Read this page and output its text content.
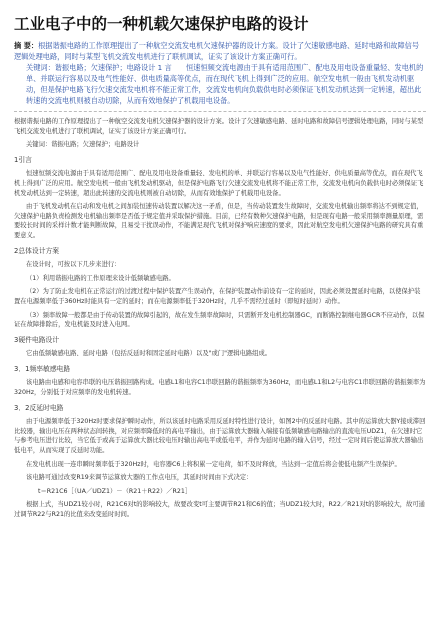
工业电子中的一种机载欠速保护电路的设计

摘 要：根据谐振电路的工作原理提出了一种航空交流发电机欠速保护器的设计方案。设计了欠速敏感电路、延时电路和故障信号逻辑处理电路，同时与某型飞机交流发电机进行了联机调试，证实了该设计方案正确可行。

关键词：谐振电路；欠速保护；电路设计 1 言　　恒速恒频交流电源由于具有适用范围广、配电及用电设备重量轻、发电机的单、并联运行容易以及电气性能好、供电质量高等优点，而在现代飞机上得到广泛的应用。航空发电机一般由飞机发动机驱动，但是保护电路飞行欠速交流发电机将不能正常工作，交流发电机向负载供电时必须保证飞机发动机达到一定转速，超出此转速的交流电机则被自动切除，从而有效地保护了机载用电设备。

根据谐振电路的工作原理提出了一种航空交流发电机欠速保护器的设计方案。设计了欠速敏感电路、延时电路和故障信号逻辑处理电路，同时与某型飞机交流发电机进行了联机调试，证实了该设计方案正确可行。

关键词：谐振电路；欠速保护；电路设计

1引言

恒速恒频交流电源由于具有适用范围广、配电及用电设备重量轻、发电机的单、并联运行容易以及电气性能好、供电质量高等优点，而在现代飞机上得到广泛的应用。航空发电机一般由飞机发动机驱动，但是保护电路飞行欠速交流发电机将不能正常工作，交流发电机向负载供电时必须保证飞机发动机达到一定转速，超出此转速的交流电机则被自动切除，从而有效地保护了机载用电设备。

由于飞机发动机在启动和发电机之间加装恒速传动装置以解决这一矛盾，但是，当传动装置发生故障时，交流发电机输出频率将达不到规定值，欠速保护电路负责检测发电机输出频率是否低于规定值并采取保护措施。目前，已经有数种欠速保护电路，但是现有电路一般采用频率测量原理，需要较长时间的采样计数才能判断故障，且易受干扰误动作，不能满足现代飞机对保护响应速度的要求，因此对航空发电机欠速保护电路的研究具有重要意义。

2总体设计方案

在设计时，可按以下几步来进行：

（1）利用谐振电路的工作原理来设计低频敏感电路。

（2）为了防止发电机在正常运行的过渡过程中保护装置产生误动作，在保护装置动作前设有一定的延时，因此必须设置延时电路，以使保护装置在电源频率低于360Hz时能具有一定的延时；而在电源频率低于320Hz时，几乎不需经过延时（即短时延时）动作。

（3）频率故障一般都是由于传动装置的故障引起的，故在发生频率故障时，只需断开发电机控制器GC，而断路控制继电器GCR不应动作，以保证在故障排除后，发电机能及时进入电网。

3硬件电路设计

它由低频敏感电路、延时电路（包括反延时和固定延时电路）以及"或门"逻辑电路组成。

3．1频率敏感电路

该电路由电感和电容串联的电压谐振回路构成。电感L1和电容C1串联回路的谐振频率为360Hz，而电感L1和L2与电容C1串联回路的谐振频率为320Hz，分别低于对应频率的发电机转速。

3．2反延时电路

由于电源频率低于320Hz时要求保护瞬时动作，所以该延时电路采用反延时特性进行设计，如图2中的反延时电路。其中的运算放大器Y接成滞回比较器，输出电压在两种状态间转换，对应频率降低时的高电平输出，由于运算放大器输入端接有低频敏感电路输出的直流电压UDZ1，在欠速时它与参考电压进行比较，当它低于或高于运算放大器比较电压时输出高电平或低电平，并作为延时电路的输入信号，经过一定时间后使运算放大器输出低电平，从而实现了反延时功能。

在发电机出现一连串瞬时频率低于320Hz时，电容器C6上将积累一定电荷，如不及时释放，当达到一定值后将会使低电频产生误保护。

该电路可通过改变R19来调节运算放大器的工作点电压，其延时时间由下式决定：

t＝R21C6［（UA／UDZ1）－（R21＋R22）／R21］

根据上式，当UDZ1较小时，R21C6对t的影响较大，故要改变t可主要调节R21和C6的值；当UDZ1较大时，R22／R21对t的影响较大，故可通过调节R22与R21的比值来改变延时时间。
